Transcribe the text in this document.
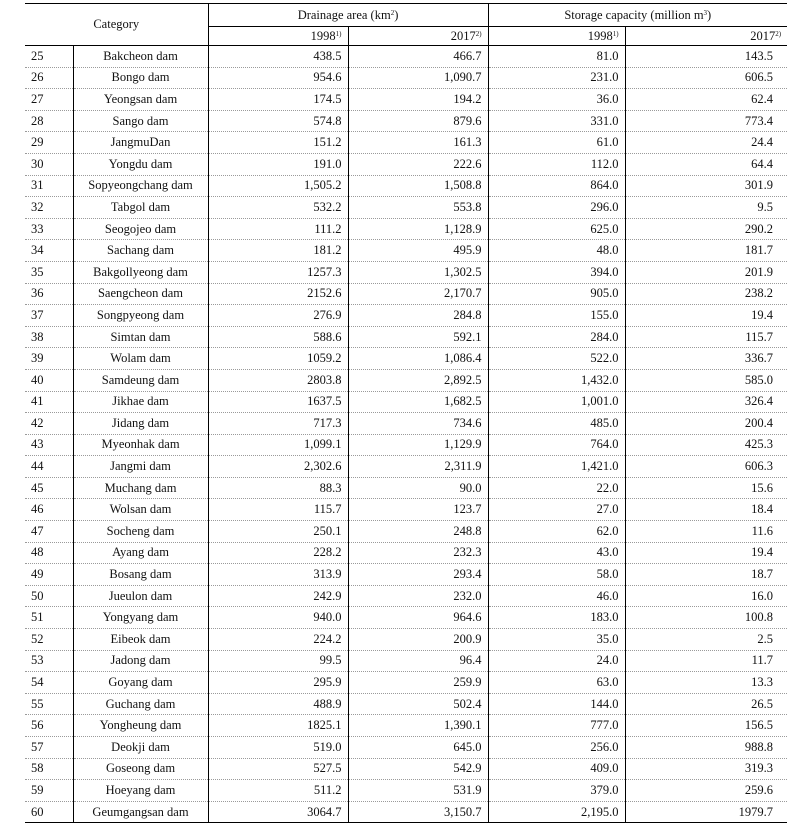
Category		Drainage area $(km^2)$		Storage capacity (million $m^3$)	
		1998$^{1)}$	2017$^{2)}$	1998$^{1)}$	2017$^{2)}$
25	Bakcheon dam	438.5	466.7	81.0	143.5
26	Bongo dam	954.6	1,090.7	231.0	606.5
27	Yeongsan dam	174.5	194.2	36.0	62.4
28	Sango dam	574.8	879.6	331.0	773.4
29	JangmuDan	151.2	161.3	61.0	24.4
30	Yongdu dam	191.0	222.6	112.0	64.4
31	Sopyeongchang dam	1,505.2	1,508.8	864.0	301.9
32	Tabgol dam	532.2	553.8	296.0	9.5
33	Seogojeo dam	111.2	1,128.9	625.0	290.2
34	Sachang dam	181.2	495.9	48.0	181.7
35	Bakgollyeong dam	1257.3	1,302.5	394.0	201.9
36	Saengcheon dam	2152.6	2,170.7	905.0	238.2
37	Songpyeong dam	276.9	284.8	155.0	19.4
38	Simtan dam	588.6	592.1	284.0	115.7
39	Wolam dam	1059.2	1,086.4	522.0	336.7
40	Samdeung dam	2803.8	2,892.5	1,432.0	585.0
41	Jikhae dam	1637.5	1,682.5	1,001.0	326.4
42	Jidang dam	717.3	734.6	485.0	200.4
43	Myeonhak dam	1,099.1	1,129.9	764.0	425.3
44	Jangmi dam	2,302.6	2,311.9	1,421.0	606.3
45	Muchang dam	88.3	90.0	22.0	15.6
46	Wolsan dam	115.7	123.7	27.0	18.4
47	Socheng dam	250.1	248.8	62.0	11.6
48	Ayang dam	228.2	232.3	43.0	19.4
49	Bosang dam	313.9	293.4	58.0	18.7
50	Jueulon dam	242.9	232.0	46.0	16.0
51	Yongyang dam	940.0	964.6	183.0	100.8
52	Eibeok dam	224.2	200.9	35.0	2.5
53	Jadong dam	99.5	96.4	24.0	11.7
54	Goyang dam	295.9	259.9	63.0	13.3
55	Guchang dam	488.9	502.4	144.0	26.5
56	Yongheung dam	1825.1	1,390.1	777.0	156.5
57	Deokji dam	519.0	645.0	256.0	988.8
58	Goseong dam	527.5	542.9	409.0	319.3
59	Hoeyang dam	511.2	531.9	379.0	259.6
60	Geumgangsan dam	3064.7	3,150.7	2,195.0	1979.7
